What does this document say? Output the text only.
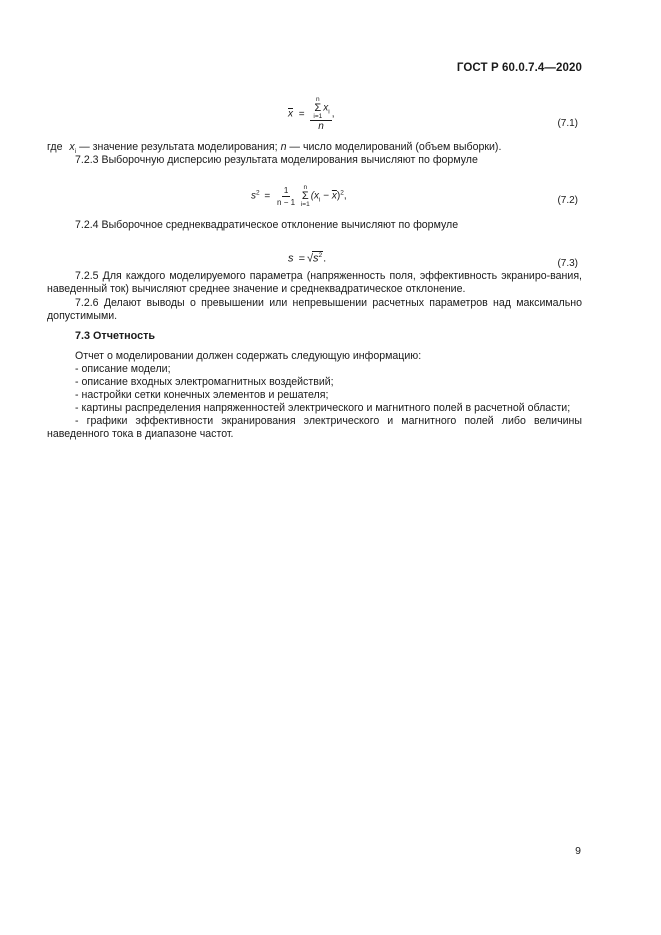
ГОСТ Р 60.0.7.4—2020
$\overline{x} = n$
Σ
i=1
$x_i$
n ,
(7.1)
где $x_i$ — значение результата моделирования; n — число моделирований (объем выборки).
7.2.3 Выборочную дисперсию результата моделирования вычисляют по формуле
$s^2 = \frac{1}{n - 1}$
n
Σ
i=1
$(x_i - \overline{x})^2$,	(7.2)
7.2.4 Выборочное среднеквадратическое отклонение вычисляют по формуле
$s = √s^2$.	(7.3)
7.2.5 Для каждого моделируемого параметра (напряженность поля, эффективность экраниро-вания, наведенный ток) вычисляют среднее значение и среднеквадратическое отклонение.
7.2.6 Делают выводы о превышении или непревышении расчетных параметров над максимально допустимыми.
7.3 Отчетность
Отчет о моделировании должен содержать следующую информацию:
- описание модели;
- описание входных электромагнитных воздействий;
- настройки сетки конечных элементов и решателя;
- картины распределения напряженностей электрического и магнитного полей в расчетной области;
- графики эффективности экранирования электрического и магнитного полей либо величины наведенного тока в диапазоне частот.
9
